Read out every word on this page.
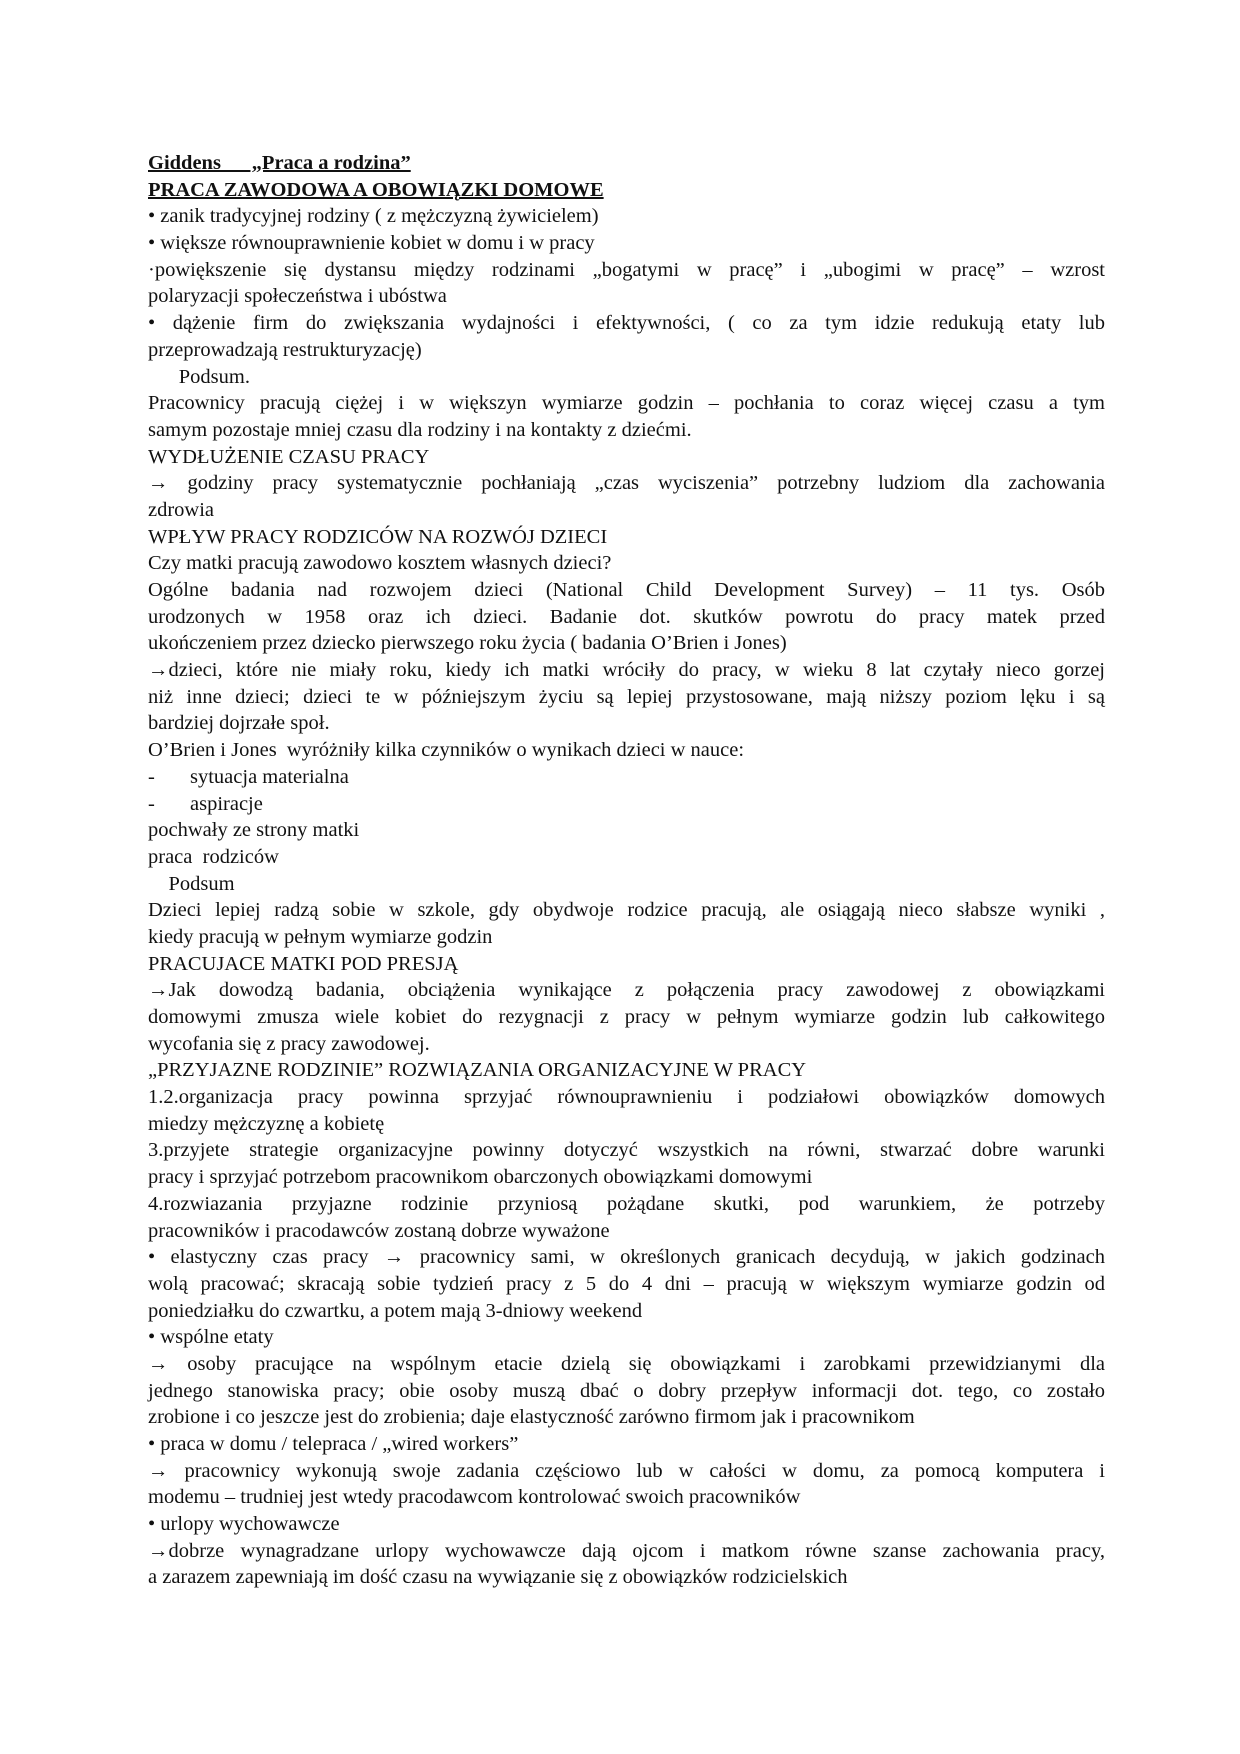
Giddens      „Praca a rodzina”
PRACA ZAWODOWA A OBOWIĄZKI DOMOWE
• zanik tradycyjnej rodziny ( z mężczyzną żywicielem)
• większe równouprawnienie kobiet w domu i w pracy
·powiększenie się dystansu między rodzinami „bogatymi w pracę” i „ubogimi w pracę” – wzrost
polaryzacji społeczeństwa i ubóstwa
• dążenie firm do zwiększania wydajności i efektywności, ( co za tym idzie redukują etaty lub
przeprowadzają restrukturyzację)
Podsum.
Pracownicy pracują ciężej i w większyn wymiarze godzin – pochłania to coraz więcej czasu a tym
samym pozostaje mniej czasu dla rodziny i na kontakty z dziećmi.
WYDŁUŻENIE CZASU PRACY
→ godziny pracy systematycznie pochłaniają „czas wyciszenia” potrzebny ludziom dla zachowania
zdrowia
WPŁYW PRACY RODZICÓW NA ROZWÓJ DZIECI
Czy matki pracują zawodowo kosztem własnych dzieci?
Ogólne badania nad rozwojem dzieci (National Child Development Survey) – 11 tys. Osób
urodzonych w 1958 oraz ich dzieci. Badanie dot. skutków powrotu do pracy matek przed
ukończeniem przez dziecko pierwszego roku życia ( badania O’Brien i Jones)
→dzieci, które nie miały roku, kiedy ich matki wróciły do pracy, w wieku 8 lat czytały nieco gorzej
niż inne dzieci; dzieci te w późniejszym życiu są lepiej przystosowane, mają niższy poziom lęku i są
bardziej dojrzałe społ.
O’Brien i Jones  wyróżniły kilka czynników o wynikach dzieci w nauce:
- sytuacja materialna
- aspiracje
pochwały ze strony matki
praca  rodziców
Podsum
Dzieci lepiej radzą sobie w szkole, gdy obydwoje rodzice pracują, ale osiągają nieco słabsze wyniki ,
kiedy pracują w pełnym wymiarze godzin
PRACUJACE MATKI POD PRESJĄ
→Jak dowodzą badania, obciążenia wynikające z połączenia pracy zawodowej z obowiązkami
domowymi zmusza wiele kobiet do rezygnacji z pracy w pełnym wymiarze godzin lub całkowitego
wycofania się z pracy zawodowej.
„PRZYJAZNE RODZINIE” ROZWIĄZANIA ORGANIZACYJNE W PRACY
1.2.organizacja pracy powinna sprzyjać równouprawnieniu i podziałowi obowiązków domowych
miedzy mężczyznę a kobietę
3.przyjete strategie organizacyjne powinny dotyczyć wszystkich na równi, stwarzać dobre warunki
pracy i sprzyjać potrzebom pracownikom obarczonych obowiązkami domowymi
4.rozwiazania przyjazne rodzinie przyniosą pożądane skutki, pod warunkiem, że potrzeby
pracowników i pracodawców zostaną dobrze wyważone
• elastyczny czas pracy → pracownicy sami, w określonych granicach decydują, w jakich godzinach
wolą pracować; skracają sobie tydzień pracy z 5 do 4 dni – pracują w większym wymiarze godzin od
poniedziałku do czwartku, a potem mają 3-dniowy weekend
• wspólne etaty
→ osoby pracujące na wspólnym etacie dzielą się obowiązkami i zarobkami przewidzianymi dla
jednego stanowiska pracy; obie osoby muszą dbać o dobry przepływ informacji dot. tego, co zostało
zrobione i co jeszcze jest do zrobienia; daje elastyczność zarówno firmom jak i pracownikom
• praca w domu / telepraca / „wired workers”
→ pracownicy wykonują swoje zadania częściowo lub w całości w domu, za pomocą komputera i
modemu – trudniej jest wtedy pracodawcom kontrolować swoich pracowników
• urlopy wychowawcze
→dobrze wynagradzane urlopy wychowawcze dają ojcom i matkom równe szanse zachowania pracy,
a zarazem zapewniają im dość czasu na wywiązanie się z obowiązków rodzicielskich
